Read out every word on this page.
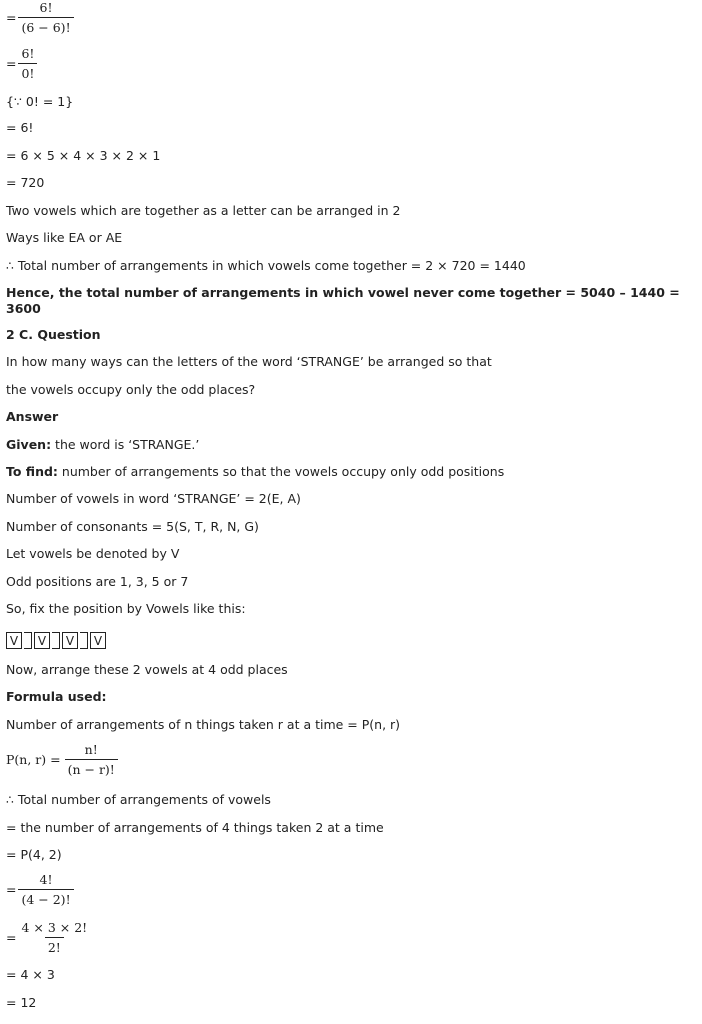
= $\frac{6!}{(6 - 6)!}$
= $\frac{6!}{0!}$
{∵ 0! = 1}
= 6!
= 6 × 5 × 4 × 3 × 2 × 1
= 720
Two vowels which are together as a letter can be arranged in 2
Ways like EA or AE
∴ Total number of arrangements in which vowels come together = 2 × 720 = 1440
Hence, the total number of arrangements in which vowel never come together = 5040 – 1440 = 3600
2 C. Question
In how many ways can the letters of the word ‘STRANGE’ be arranged so that
the vowels occupy only the odd places?
Answer
Given: the word is ‘STRANGE.’
To find: number of arrangements so that the vowels occupy only odd positions
Number of vowels in word ‘STRANGE’ = 2(E, A)
Number of consonants = 5(S, T, R, N, G)
Let vowels be denoted by V
Odd positions are 1, 3, 5 or 7
So, fix the position by Vowels like this:
V	V	V	V
Now, arrange these 2 vowels at 4 odd places
Formula used:
Number of arrangements of n things taken r at a time = P(n, r)
P(n, $r) = \frac{n!}{(n - r)!}$
∴ Total number of arrangements of vowels
= the number of arrangements of 4 things taken 2 at a time
= P(4, 2)
= $\frac{4!}{(4 - 2)!}$
= $\frac{4 \times 3 \times 2!}{2!}$
= 4 × 3
= 12
